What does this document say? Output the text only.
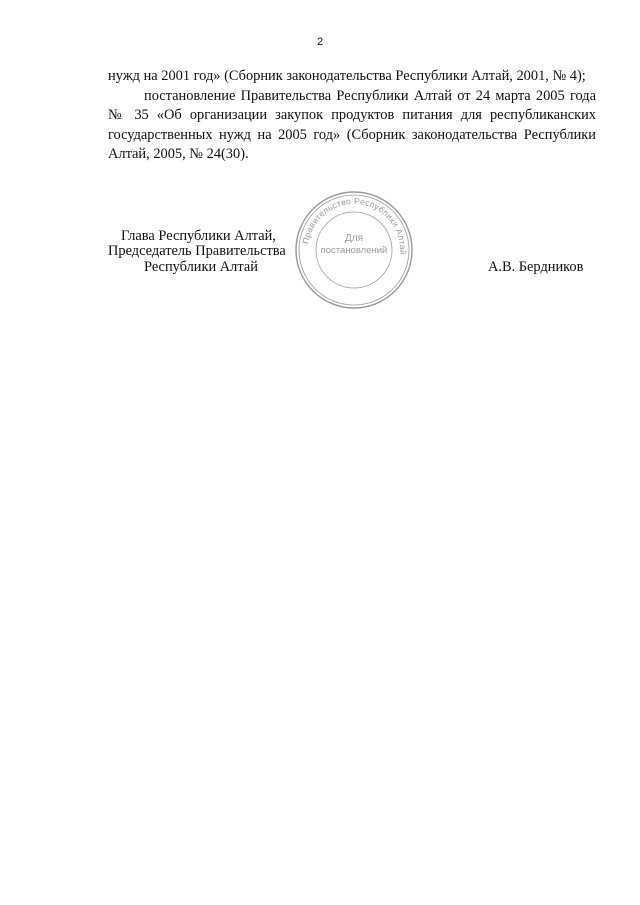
2

нужд на 2001 год» (Сборник законодательства Республики Алтай, 2001, № 4);

постановление Правительства Республики Алтай от 24 марта 2005 года № 35 «Об организации закупок продуктов питания для республиканских государственных нужд на 2005 год» (Сборник законодательства Республики Алтай, 2005, № 24(30).

Глава Республики Алтай,
Председатель Правительства
Республики Алтай	А.В. Бердников
Правительство Республики Алтай
Для
постановлений
